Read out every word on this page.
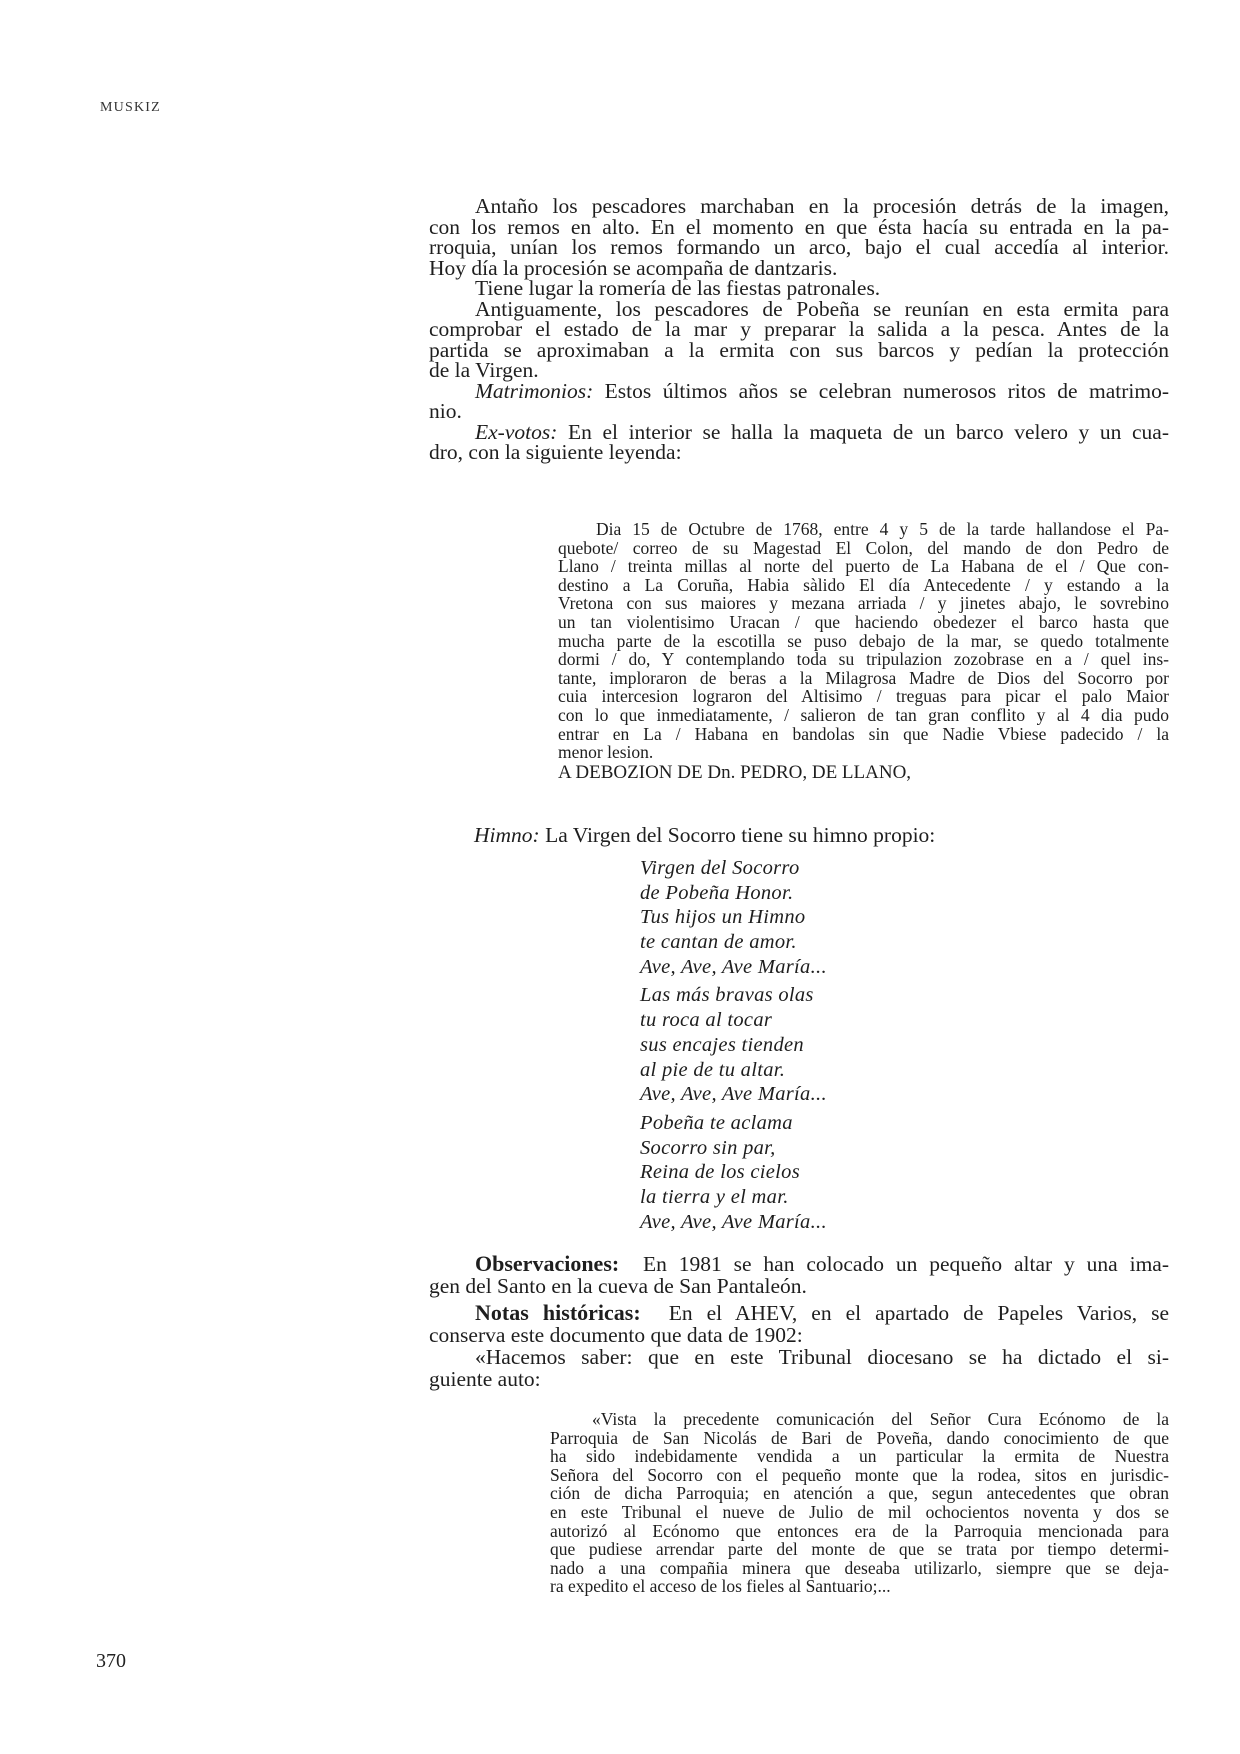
MUSKIZ
Antaño los pescadores marchaban en la procesión detrás de la imagen,
con los remos en alto. En el momento en que ésta hacía su entrada en la pa-
rroquia, unían los remos formando un arco, bajo el cual accedía al interior.
Hoy día la procesión se acompaña de dantzaris.
Tiene lugar la romería de las fiestas patronales.
Antiguamente, los pescadores de Pobeña se reunían en esta ermita para
comprobar el estado de la mar y preparar la salida a la pesca. Antes de la
partida se aproximaban a la ermita con sus barcos y pedían la protección
de la Virgen.
Matrimonios: Estos últimos años se celebran numerosos ritos de matrimo-
nio.
Ex-votos: En el interior se halla la maqueta de un barco velero y un cua-
dro, con la siguiente leyenda:
Dia 15 de Octubre de 1768, entre 4 y 5 de la tarde hallandose el Pa-
quebote/ correo de su Magestad El Colon, del mando de don Pedro de
Llano / treinta millas al norte del puerto de La Habana de el / Que con-
destino a La Coruña, Habia sàlido El día Antecedente / y estando a la
Vretona con sus maiores y mezana arriada / y jinetes abajo, le sovrebino
un tan violentisimo Uracan / que haciendo obedezer el barco hasta que
mucha parte de la escotilla se puso debajo de la mar, se quedo totalmente
dormi / do, Y contemplando toda su tripulazion zozobrase en a / quel ins-
tante, imploraron de beras a la Milagrosa Madre de Dios del Socorro por
cuia intercesion lograron del Altisimo / treguas para picar el palo Maior
con lo que inmediatamente, / salieron de tan gran conflito y al 4 dia pudo
entrar en La / Habana en bandolas sin que Nadie Vbiese padecido / la
menor lesion.
A DEBOZION DE Dn. PEDRO, DE LLANO,
Himno: La Virgen del Socorro tiene su himno propio:
Virgen del Socorro
de Pobeña Honor.
Tus hijos un Himno
te cantan de amor.
Ave, Ave, Ave María...
Las más bravas olas
tu roca al tocar
sus encajes tienden
al pie de tu altar.
Ave, Ave, Ave María...
Pobeña te aclama
Socorro sin par,
Reina de los cielos
la tierra y el mar.
Ave, Ave, Ave María...
Observaciones:  En 1981 se han colocado un pequeño altar y una ima-
gen del Santo en la cueva de San Pantaleón.
Notas históricas:  En el AHEV, en el apartado de Papeles Varios, se
conserva este documento que data de 1902:
«Hacemos saber: que en este Tribunal diocesano se ha dictado el si-
guiente auto:
«Vista la precedente comunicación del Señor Cura Ecónomo de la
Parroquia de San Nicolás de Bari de Poveña, dando conocimiento de que
ha sido indebidamente vendida a un particular la ermita de Nuestra
Señora del Socorro con el pequeño monte que la rodea, sitos en jurisdic-
ción de dicha Parroquia; en atención a que, segun antecedentes que obran
en este Tribunal el nueve de Julio de mil ochocientos noventa y dos se
autorizó al Ecónomo que entonces era de la Parroquia mencionada para
que pudiese arrendar parte del monte de que se trata por tiempo determi-
nado a una compañia minera que deseaba utilizarlo, siempre que se deja-
ra expedito el acceso de los fieles al Santuario;...
370
